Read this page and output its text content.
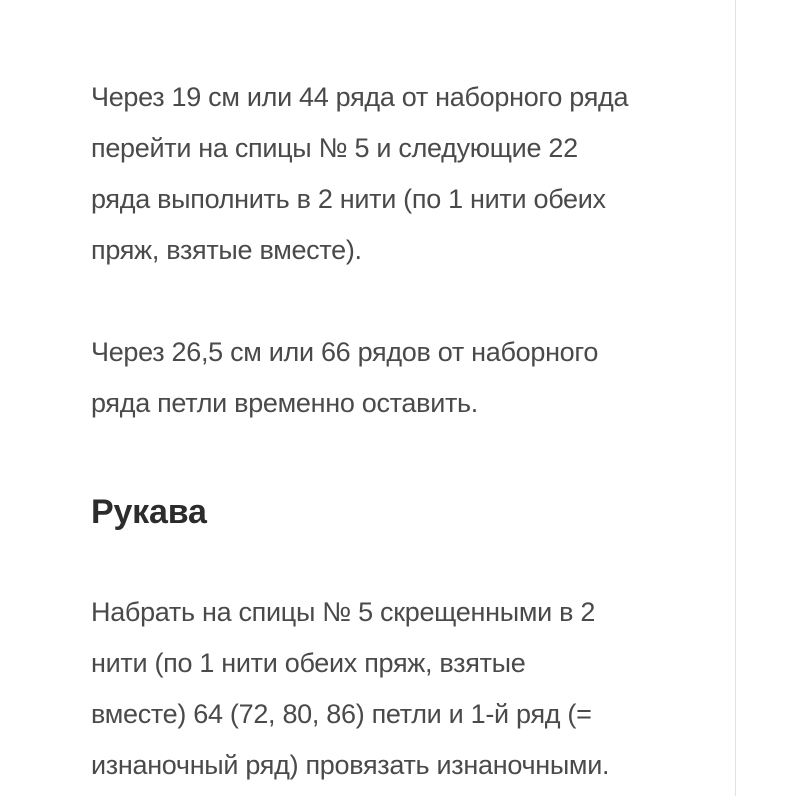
Через 19 см или 44 ряда от наборного ряда
перейти на спицы № 5 и следующие 22
ряда выполнить в 2 нити (по 1 нити обеих
пряж, взятые вместе).

Через 26,5 см или 66 рядов от наборного
ряда петли временно оставить.

Рукава

Набрать на спицы № 5 скрещенными в 2
нити (по 1 нити обеих пряж, взятые
вместе) 64 (72, 80, 86) петли и 1-й ряд (=
изнаночный ряд) провязать изнаночными.
